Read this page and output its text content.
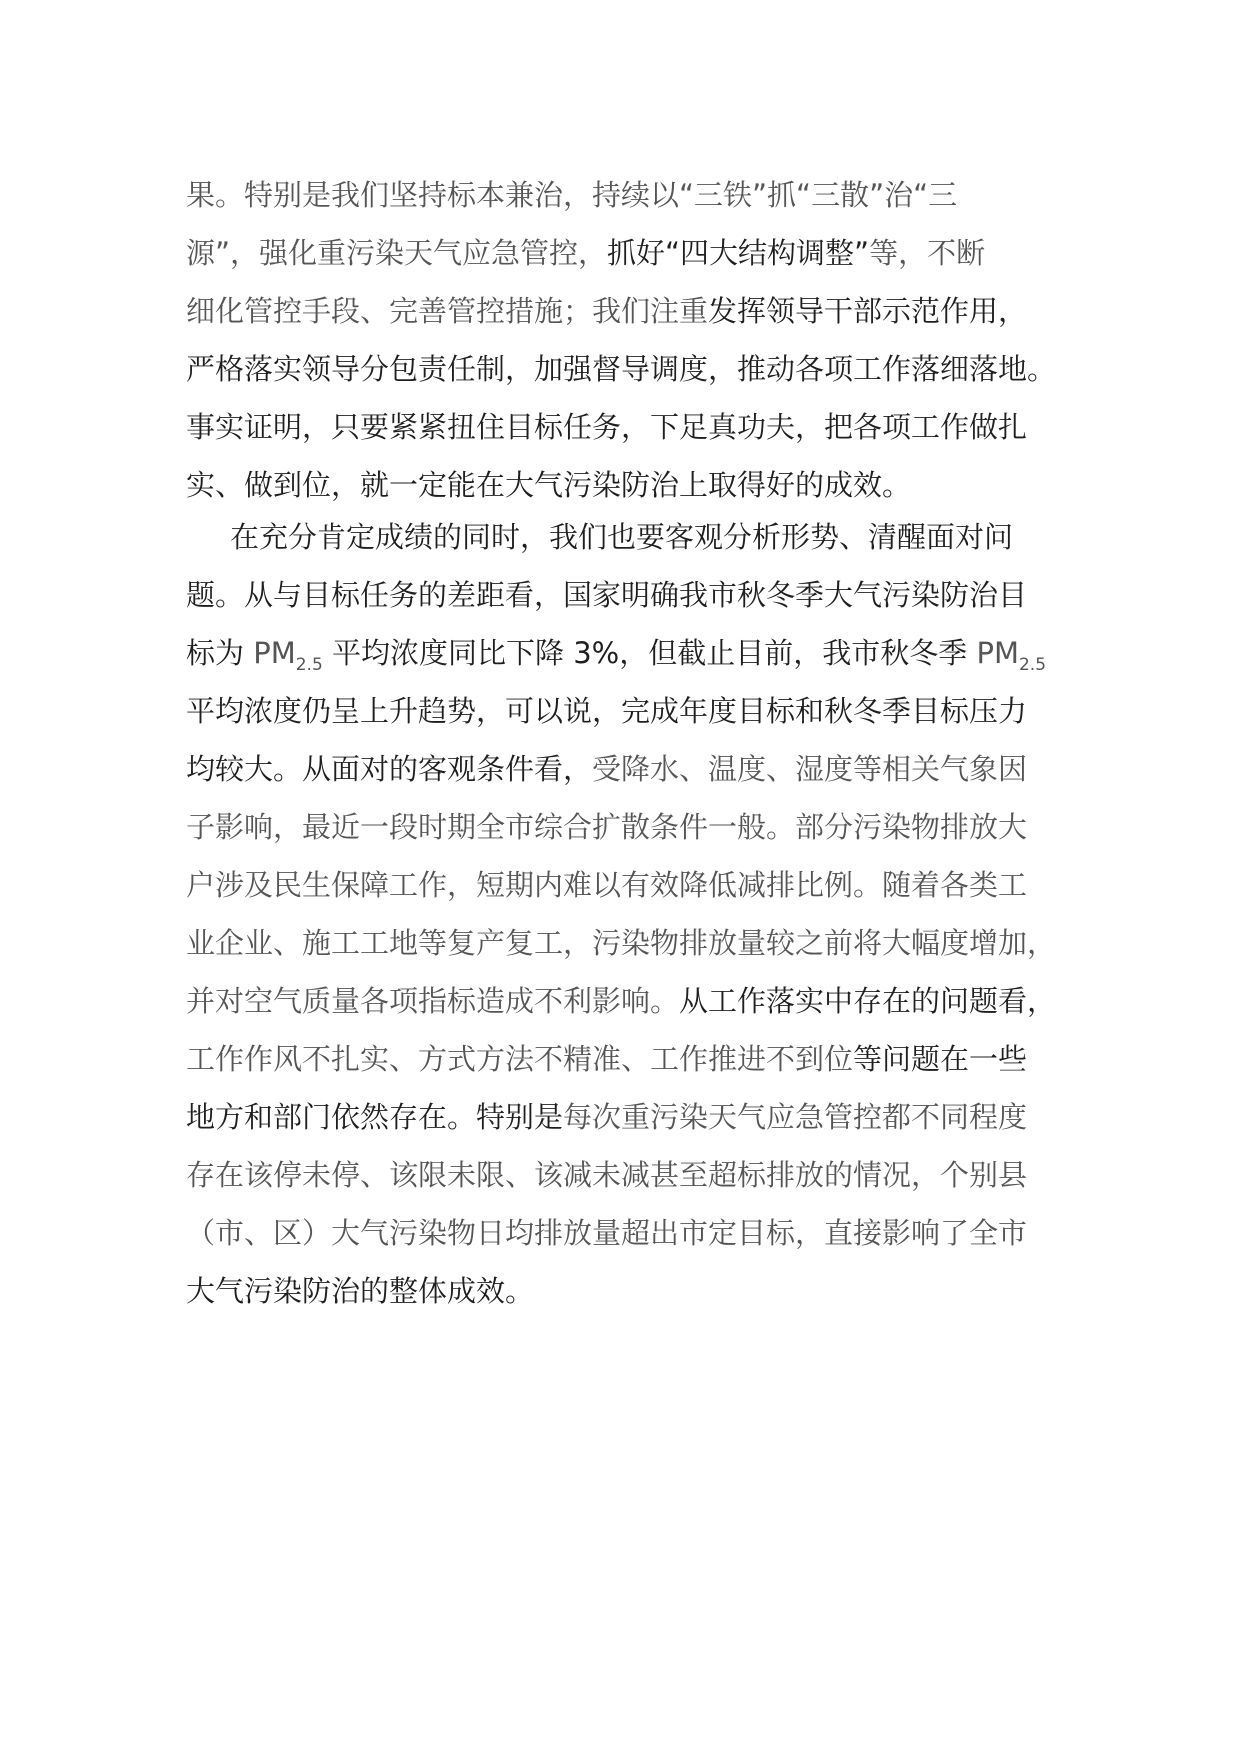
果。特别是我们坚持标本兼治，持续以“三铁”抓“三散”治“三
源”，强化重污染天气应急管控，抓好“四大结构调整”等，不断
细化管控手段、完善管控措施；我们注重发挥领导干部示范作用，
严格落实领导分包责任制，加强督导调度，推动各项工作落细落地。
事实证明，只要紧紧扭住目标任务，下足真功夫，把各项工作做扎
实、做到位，就一定能在大气污染防治上取得好的成效。
在充分肯定成绩的同时，我们也要客观分析形势、清醒面对问
题。从与目标任务的差距看，国家明确我市秋冬季大气污染防治目
标为 $PM_{2.5}$ 平均浓度同比下降 3%，但截止目前，我市秋冬季 $PM_{2.5}$
平均浓度仍呈上升趋势，可以说，完成年度目标和秋冬季目标压力
均较大。从面对的客观条件看，受降水、温度、湿度等相关气象因
子影响，最近一段时期全市综合扩散条件一般。部分污染物排放大
户涉及民生保障工作，短期内难以有效降低减排比例。随着各类工
业企业、施工工地等复产复工，污染物排放量较之前将大幅度增加，
并对空气质量各项指标造成不利影响。从工作落实中存在的问题看，
工作作风不扎实、方式方法不精准、工作推进不到位等问题在一些
地方和部门依然存在。特别是每次重污染天气应急管控都不同程度
存在该停未停、该限未限、该减未减甚至超标排放的情况，个别县
（市、区）大气污染物日均排放量超出市定目标，直接影响了全市
大气污染防治的整体成效。
